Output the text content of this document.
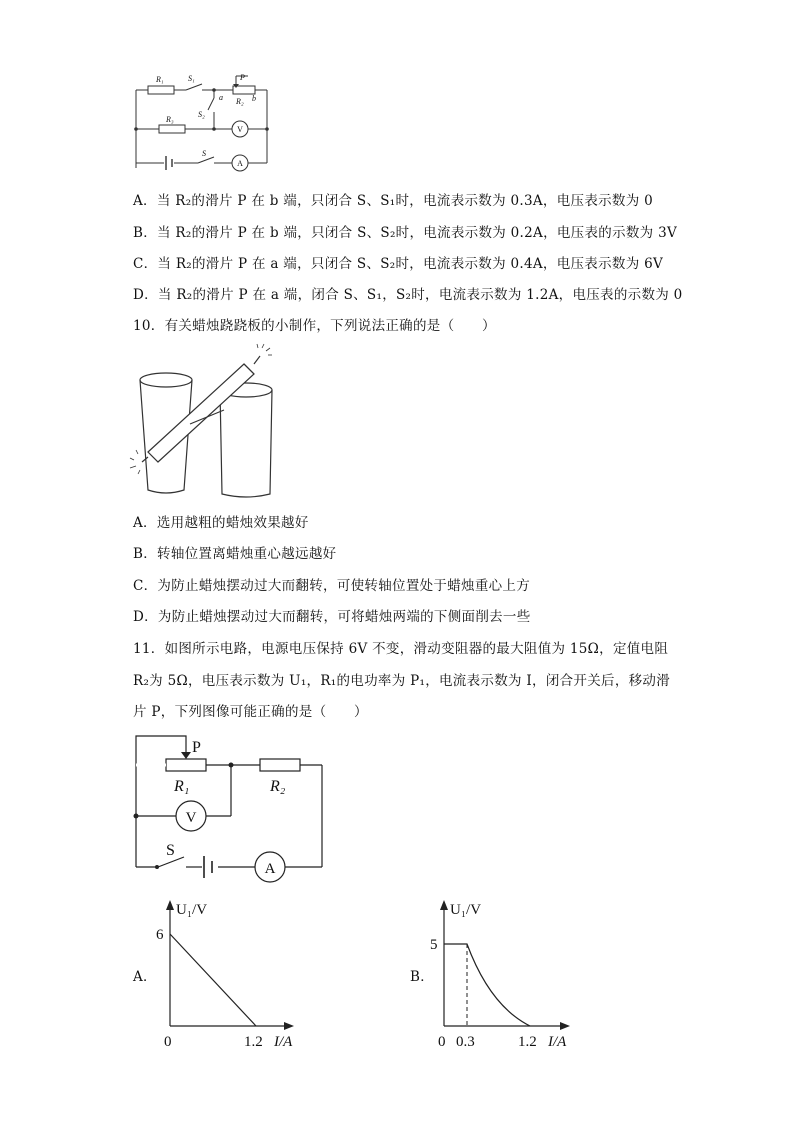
R₁	S₁	P
R₂ b
a
S₂
R₃
S
V
A
A．当 R₂的滑片 P 在 b 端，只闭合 S、S₁时，电流表示数为 0.3A，电压表示数为 0
B．当 R₂的滑片 P 在 b 端，只闭合 S、S₂时，电流表示数为 0.2A，电压表的示数为 3V
C．当 R₂的滑片 P 在 a 端，只闭合 S、S₂时，电流表示数为 0.4A，电压表示数为 6V
D．当 R₂的滑片 P 在 a 端，闭合 S、S₁，S₂时，电流表示数为 1.2A，电压表的示数为 0
10．有关蜡烛跷跷板的小制作，下列说法正确的是（　　）
A．选用越粗的蜡烛效果越好
B．转轴位置离蜡烛重心越远越好
C．为防止蜡烛摆动过大而翻转，可使转轴位置处于蜡烛重心上方
D．为防止蜡烛摆动过大而翻转，可将蜡烛两端的下侧面削去一些
11．如图所示电路，电源电压保持 6V 不变，滑动变阻器的最大阻值为 15Ω，定值电阻
R₂为 5Ω，电压表示数为 U₁，R₁的电功率为 P₁，电流表示数为 I，闭合开关后，移动滑
片 P，下列图像可能正确的是（　　）
P
R₁	R₂
S
V
A
A．
U₁/V
6
0	1.2 I/A
B．
U₁/V
5
0 0.3	1.2 I/A
